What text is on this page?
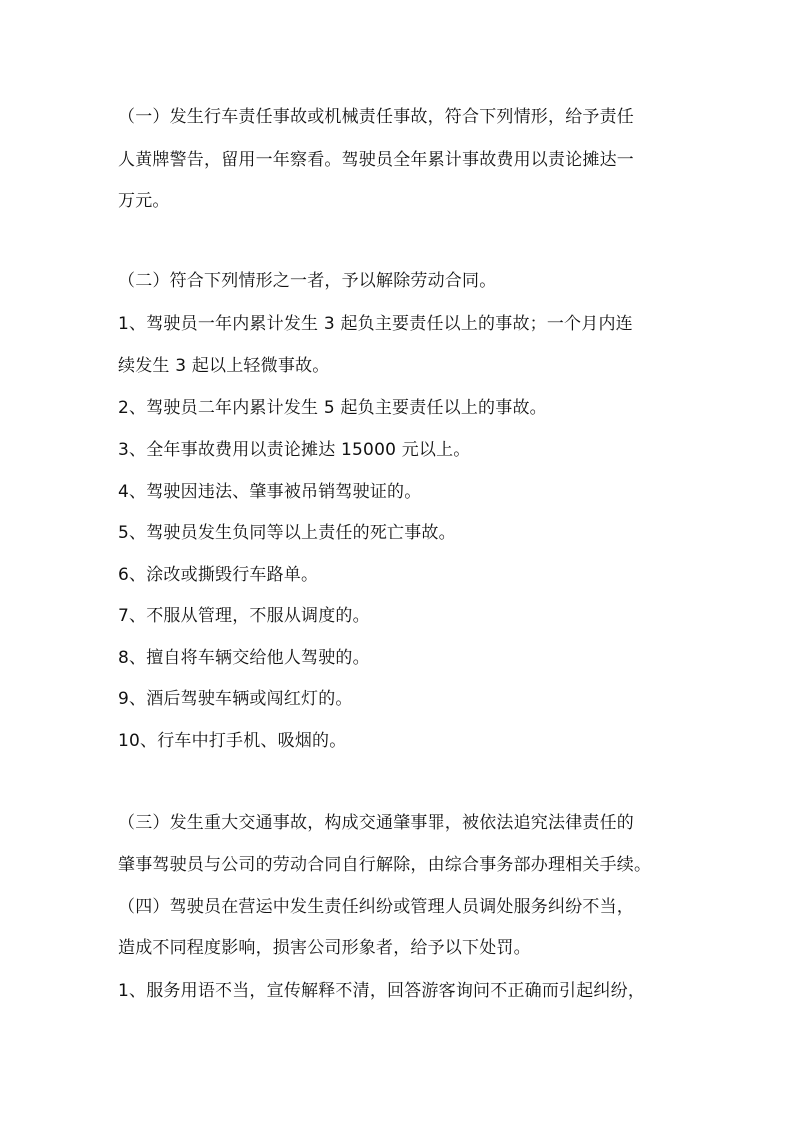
（一）发生行车责任事故或机械责任事故，符合下列情形，给予责任
人黄牌警告，留用一年察看。驾驶员全年累计事故费用以责论摊达一
万元。
（二）符合下列情形之一者，予以解除劳动合同。
1、驾驶员一年内累计发生 3 起负主要责任以上的事故；一个月内连
续发生 3 起以上轻微事故。
2、驾驶员二年内累计发生 5 起负主要责任以上的事故。
3、全年事故费用以责论摊达 15000 元以上。
4、驾驶因违法、肇事被吊销驾驶证的。
5、驾驶员发生负同等以上责任的死亡事故。
6、涂改或撕毁行车路单。
7、不服从管理，不服从调度的。
8、擅自将车辆交给他人驾驶的。
9、酒后驾驶车辆或闯红灯的。
10、行车中打手机、吸烟的。
（三）发生重大交通事故，构成交通肇事罪，被依法追究法律责任的
肇事驾驶员与公司的劳动合同自行解除，由综合事务部办理相关手续。
（四）驾驶员在营运中发生责任纠纷或管理人员调处服务纠纷不当，
造成不同程度影响，损害公司形象者，给予以下处罚。
1、服务用语不当，宣传解释不清，回答游客询问不正确而引起纠纷，
